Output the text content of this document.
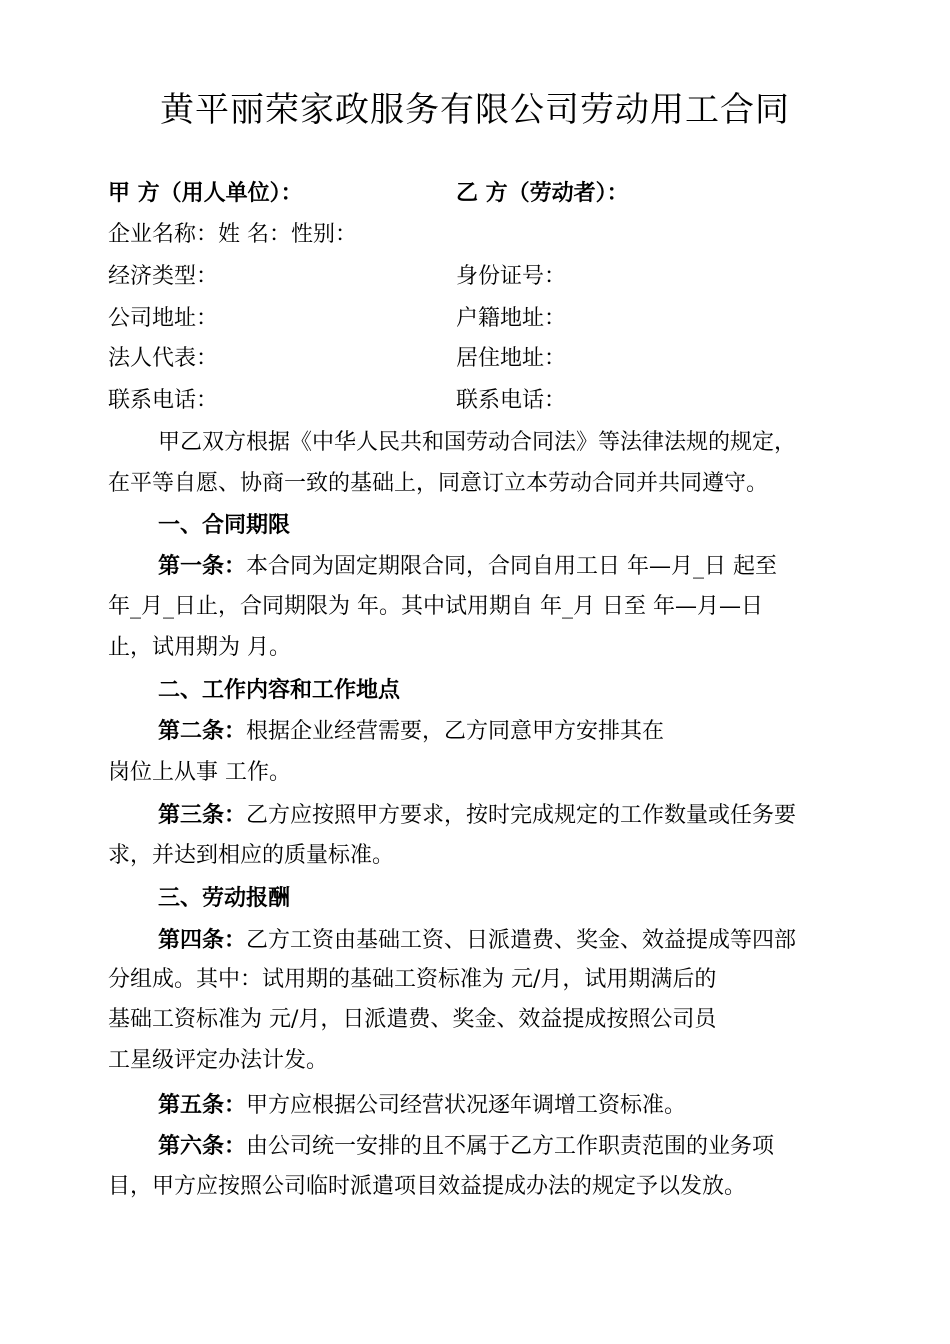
黄平丽荣家政服务有限公司劳动用工合同
甲 方（用人单位）：	乙 方（劳动者）：
企业名称：姓 名：性别：
经济类型：
公司地址：
法人代表：
联系电话：
身份证号：
户籍地址：
居住地址：
联系电话：
甲乙双方根据《中华人民共和国劳动合同法》等法律法规的规定，
在平等自愿、协商一致的基础上，同意订立本劳动合同并共同遵守。
一、合同期限
第一条：本合同为固定期限合同，合同自用工日 年—月_日 起至
年_月_日止，合同期限为 年。其中试用期自 年_月 日至 年—月—日
止，试用期为 月。
二、工作内容和工作地点
第二条：根据企业经营需要，乙方同意甲方安排其在
岗位上从事 工作。
第三条：乙方应按照甲方要求，按时完成规定的工作数量或任务要
求，并达到相应的质量标准。
三、劳动报酬
第四条：乙方工资由基础工资、日派遣费、奖金、效益提成等四部
分组成。其中：试用期的基础工资标准为 元/月，试用期满后的
基础工资标准为 元/月，日派遣费、奖金、效益提成按照公司员
工星级评定办法计发。
第五条：甲方应根据公司经营状况逐年调增工资标准。
第六条：由公司统一安排的且不属于乙方工作职责范围的业务项
目，甲方应按照公司临时派遣项目效益提成办法的规定予以发放。
